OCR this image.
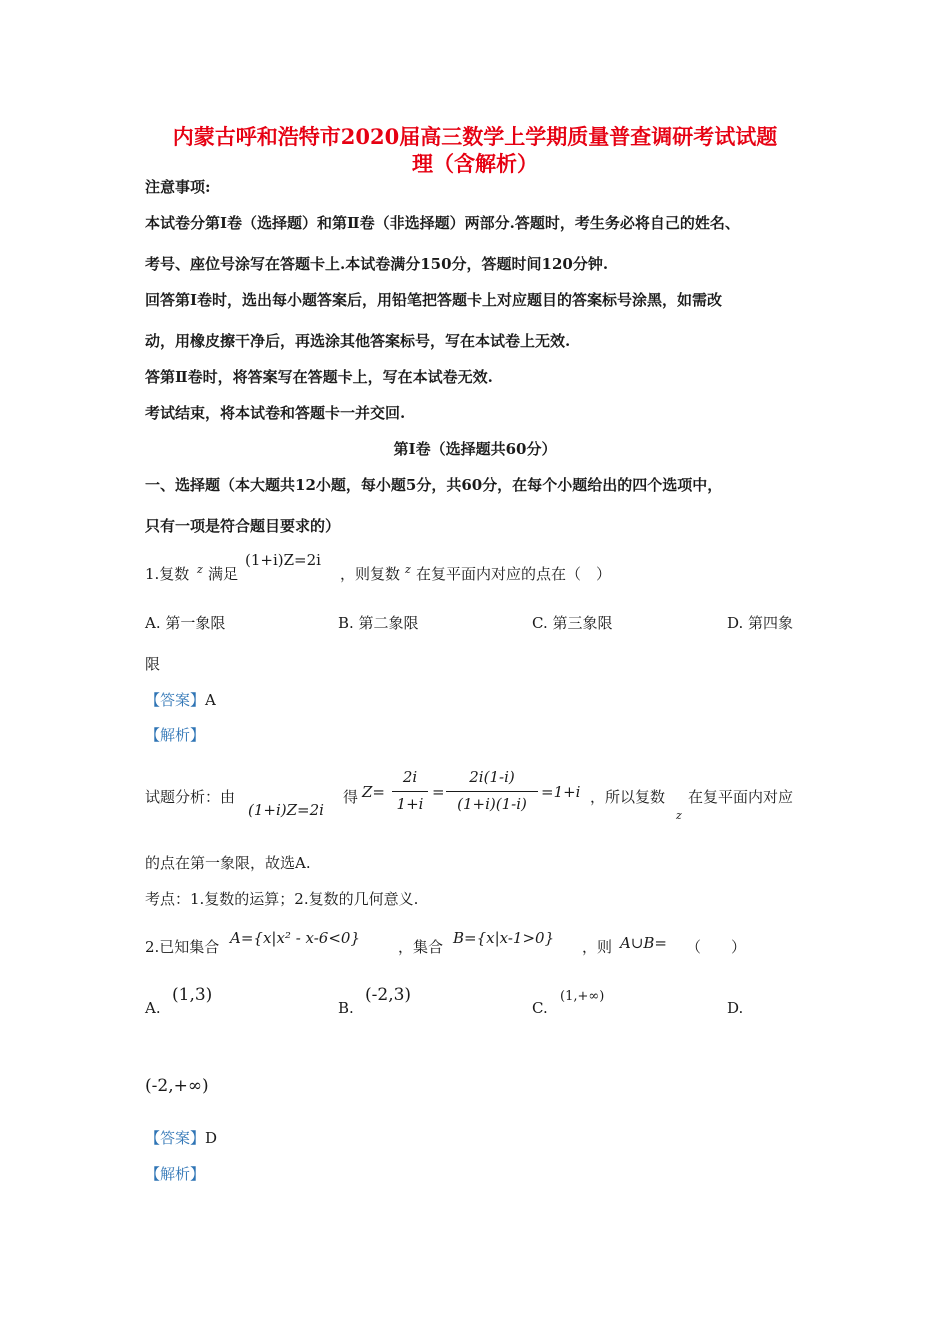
内蒙古呼和浩特市2020届高三数学上学期质量普查调研考试试题
理（含解析）
注意事项:
本试卷分第Ⅰ卷（选择题）和第Ⅱ卷（非选择题）两部分.答题时，考生务必将自己的姓名、
考号、座位号涂写在答题卡上.本试卷满分150分，答题时间120分钟.
回答第Ⅰ卷时，选出每小题答案后，用铅笔把答题卡上对应题目的答案标号涂黑，如需改
动，用橡皮擦干净后，再选涂其他答案标号，写在本试卷上无效.
答第Ⅱ卷时，将答案写在答题卡上，写在本试卷无效.
考试结束，将本试卷和答题卡一并交回.
第Ⅰ卷（选择题共60分）
一、选择题（本大题共12小题，每小题5分，共60分，在每个小题给出的四个选项中，
只有一项是符合题目要求的）
1.复数 z 满足
(1+i)Z=2i
，则复数 z 在复平面内对应的点在（　）
A. 第一象限	B. 第二象限	C. 第三象限	D. 第四象
限
【答案】A
【解析】
试题分析：由
(1+i)Z=2i
得 Z=
2i
1+i
=
2i(1-i)
(1+i)(1-i)
=1+i ，所以复数
z
在复平面内对应
的点在第一象限，故选A.
考点：1.复数的运算；2.复数的几何意义.
2.已知集合 A={x|x² - x-6<0}	，集合 B={x|x-1>0} ，则 A∪B= （　　）
A.
(1,3)
B.
(-2,3)
C.
(1,+∞)
D.
(-2,+∞)
【答案】D
【解析】
